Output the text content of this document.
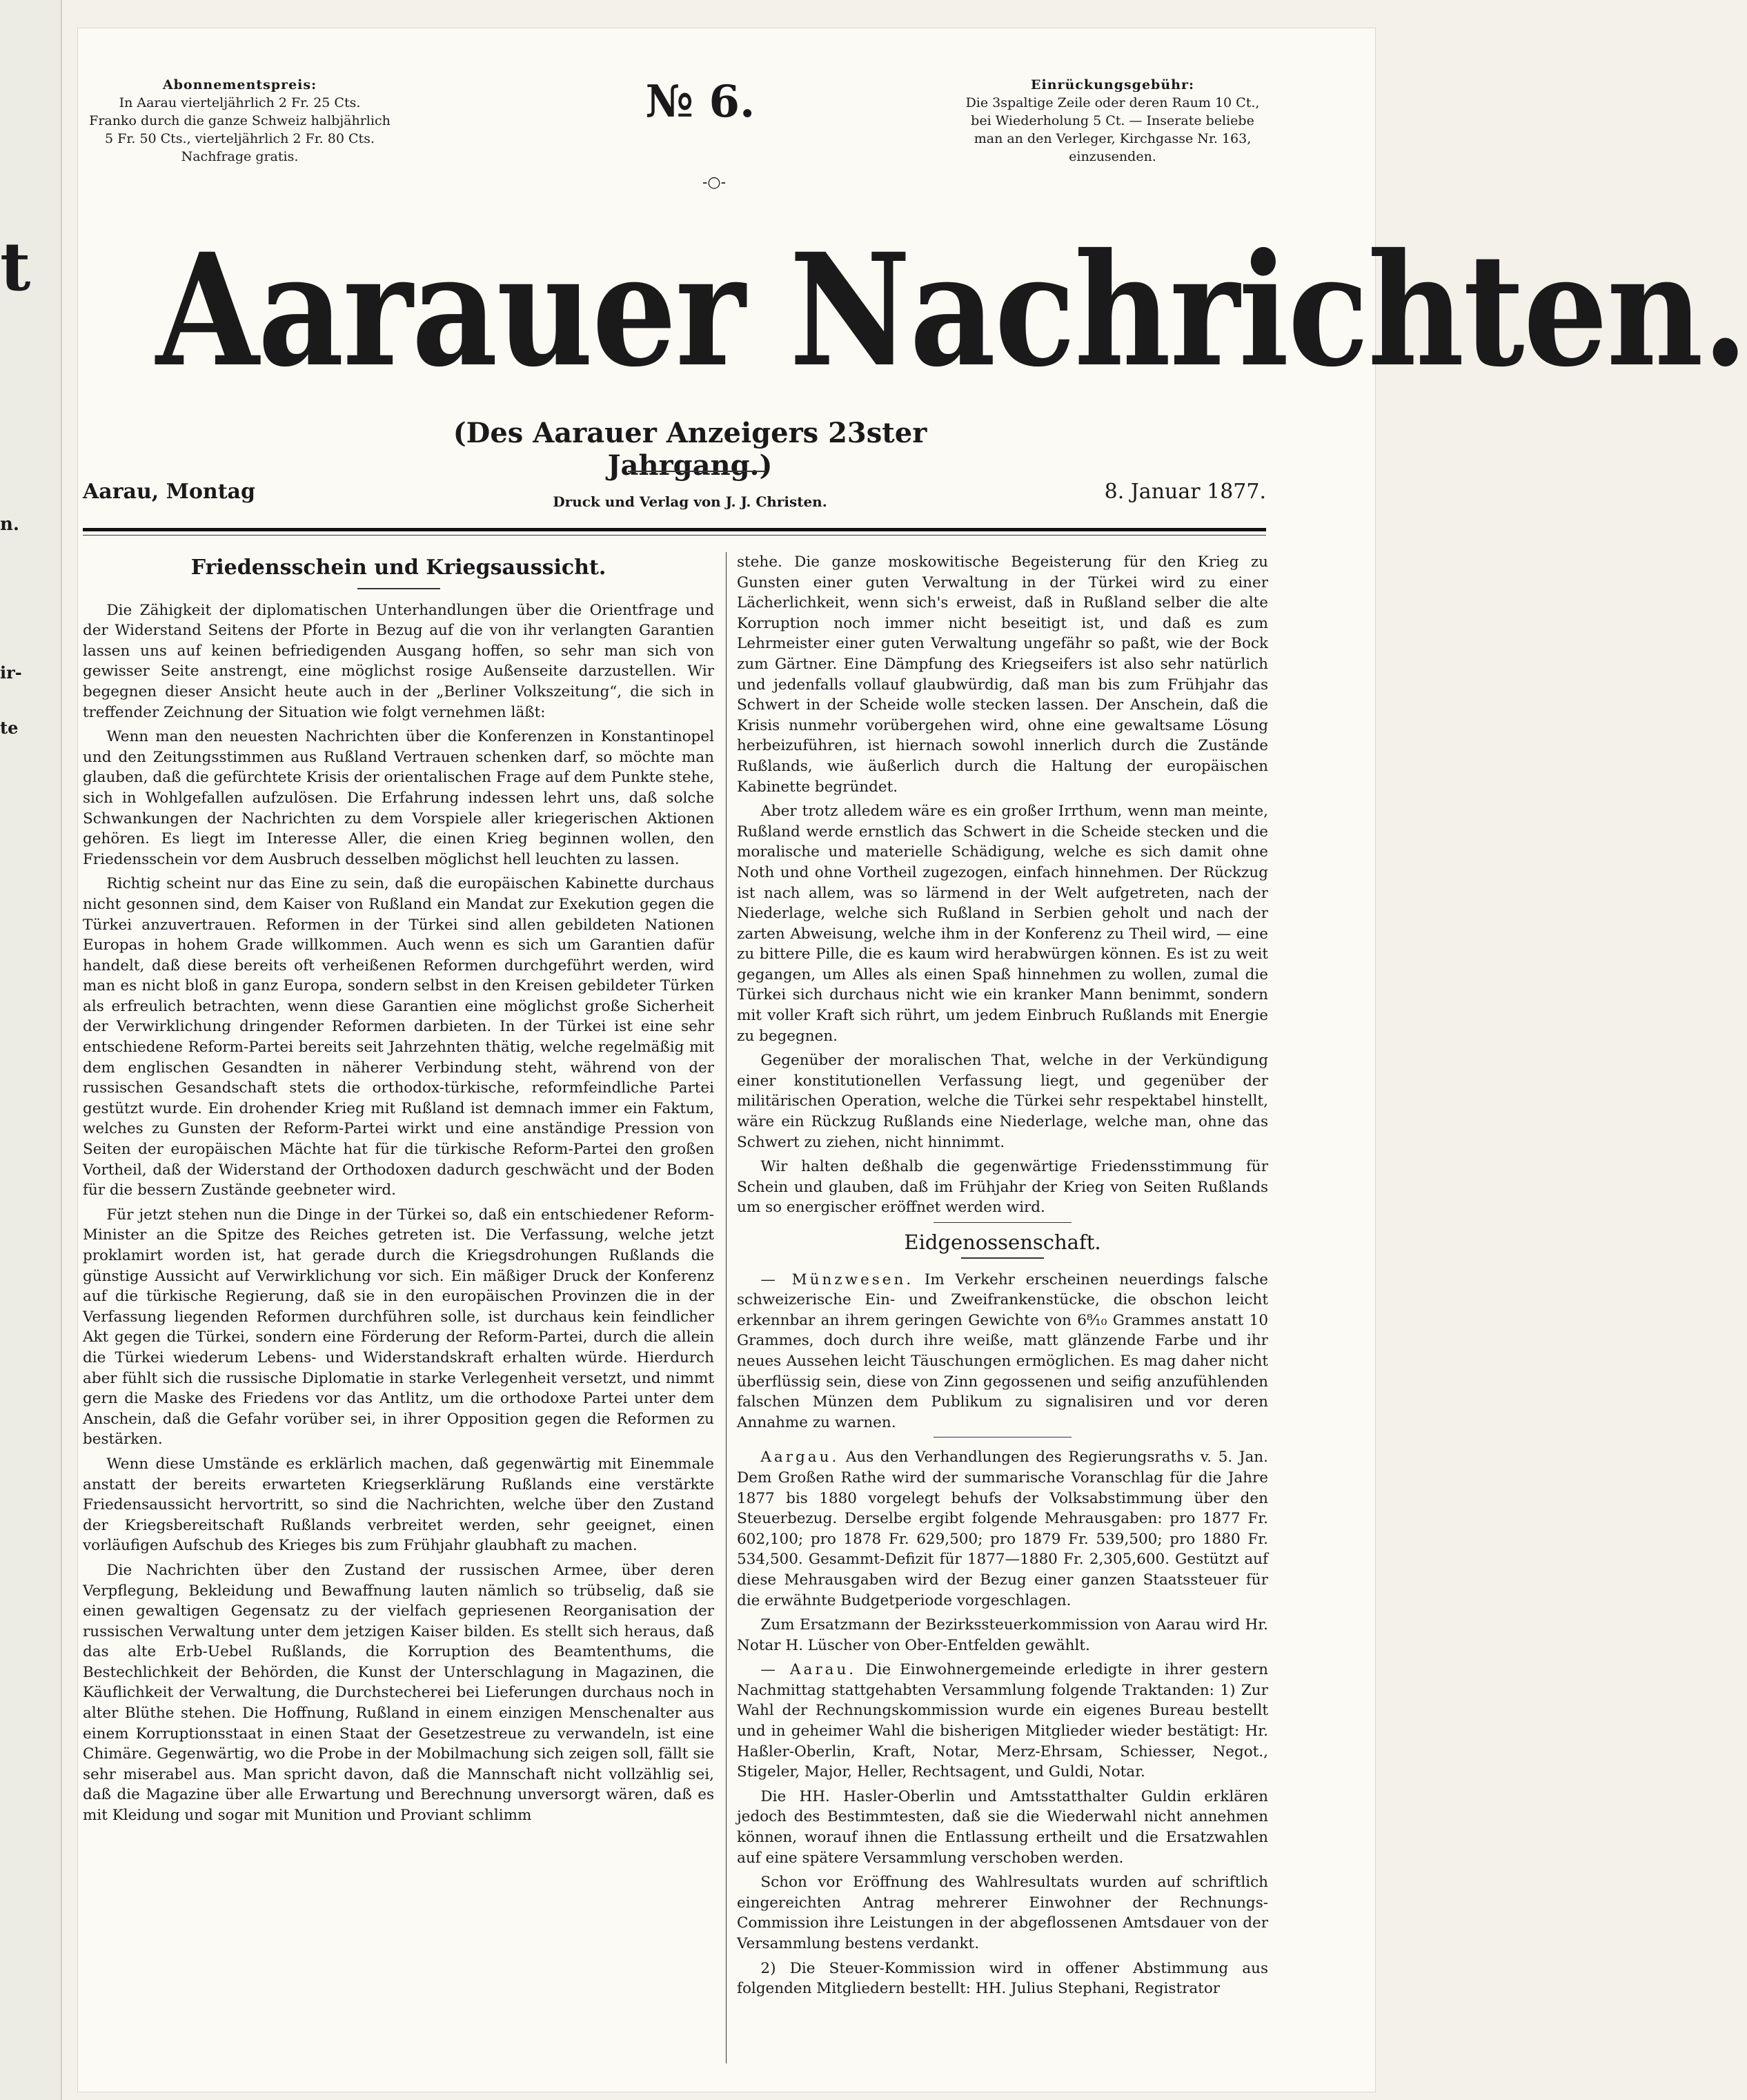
t
n.
ir-
te
Abonnementspreis:
In Aarau vierteljährlich 2 Fr. 25 Cts.
Franko durch die ganze Schweiz halbjährlich
5 Fr. 50 Cts., vierteljährlich 2 Fr. 80 Cts.
Nachfrage gratis.
№ 6.
-○-
Einrückungsgebühr:
Die 3spaltige Zeile oder deren Raum 10 Ct.,
bei Wiederholung 5 Ct. — Inserate beliebe
man an den Verleger, Kirchgasse Nr. 163,
einzusenden.
Aarauer Nachrichten.
(Des Aarauer Anzeigers 23ster Jahrgang.)
Aarau, Montag	Druck und Verlag von J. J. Christen.	8. Januar 1877.
Friedensschein und Kriegsaussicht.

Die Zähigkeit der diplomatischen Unterhandlungen über die Orientfrage und der Widerstand Seitens der Pforte in Bezug auf die von ihr verlangten Garantien lassen uns auf keinen befriedigenden Ausgang hoffen, so sehr man sich von gewisser Seite anstrengt, eine möglichst rosige Außenseite darzustellen. Wir begegnen dieser Ansicht heute auch in der „Berliner Volkszeitung“, die sich in treffender Zeichnung der Situation wie folgt vernehmen läßt:

Wenn man den neuesten Nachrichten über die Konferenzen in Konstantinopel und den Zeitungsstimmen aus Rußland Vertrauen schenken darf, so möchte man glauben, daß die gefürchtete Krisis der orientalischen Frage auf dem Punkte stehe, sich in Wohlgefallen aufzulösen. Die Erfahrung indessen lehrt uns, daß solche Schwankungen der Nachrichten zu dem Vorspiele aller kriegerischen Aktionen gehören. Es liegt im Interesse Aller, die einen Krieg beginnen wollen, den Friedensschein vor dem Ausbruch desselben möglichst hell leuchten zu lassen.

Richtig scheint nur das Eine zu sein, daß die europäischen Kabinette durchaus nicht gesonnen sind, dem Kaiser von Rußland ein Mandat zur Exekution gegen die Türkei anzuvertrauen. Reformen in der Türkei sind allen gebildeten Nationen Europas in hohem Grade willkommen. Auch wenn es sich um Garantien dafür handelt, daß diese bereits oft verheißenen Reformen durchgeführt werden, wird man es nicht bloß in ganz Europa, sondern selbst in den Kreisen gebildeter Türken als erfreulich betrachten, wenn diese Garantien eine möglichst große Sicherheit der Verwirklichung dringender Reformen darbieten. In der Türkei ist eine sehr entschiedene Reform-Partei bereits seit Jahrzehnten thätig, welche regelmäßig mit dem englischen Gesandten in näherer Verbindung steht, während von der russischen Gesandschaft stets die orthodox-türkische, reformfeindliche Partei gestützt wurde. Ein drohender Krieg mit Rußland ist demnach immer ein Faktum, welches zu Gunsten der Reform-Partei wirkt und eine anständige Pression von Seiten der europäischen Mächte hat für die türkische Reform-Partei den großen Vortheil, daß der Widerstand der Orthodoxen dadurch geschwächt und der Boden für die bessern Zustände geebneter wird.

Für jetzt stehen nun die Dinge in der Türkei so, daß ein entschiedener Reform-Minister an die Spitze des Reiches getreten ist. Die Verfassung, welche jetzt proklamirt worden ist, hat gerade durch die Kriegsdrohungen Rußlands die günstige Aussicht auf Verwirklichung vor sich. Ein mäßiger Druck der Konferenz auf die türkische Regierung, daß sie in den europäischen Provinzen die in der Verfassung liegenden Reformen durchführen solle, ist durchaus kein feindlicher Akt gegen die Türkei, sondern eine Förderung der Reform-Partei, durch die allein die Türkei wiederum Lebens- und Widerstandskraft erhalten würde. Hierdurch aber fühlt sich die russische Diplomatie in starke Verlegenheit versetzt, und nimmt gern die Maske des Friedens vor das Antlitz, um die orthodoxe Partei unter dem Anschein, daß die Gefahr vorüber sei, in ihrer Opposition gegen die Reformen zu bestärken.

Wenn diese Umstände es erklärlich machen, daß gegenwärtig mit Einemmale anstatt der bereits erwarteten Kriegserklärung Rußlands eine verstärkte Friedensaussicht hervortritt, so sind die Nachrichten, welche über den Zustand der Kriegsbereitschaft Rußlands verbreitet werden, sehr geeignet, einen vorläufigen Aufschub des Krieges bis zum Frühjahr glaubhaft zu machen.

Die Nachrichten über den Zustand der russischen Armee, über deren Verpflegung, Bekleidung und Bewaffnung lauten nämlich so trübselig, daß sie einen gewaltigen Gegensatz zu der vielfach gepriesenen Reorganisation der russischen Verwaltung unter dem jetzigen Kaiser bilden. Es stellt sich heraus, daß das alte Erb-Uebel Rußlands, die Korruption des Beamtenthums, die Bestechlichkeit der Behörden, die Kunst der Unterschlagung in Magazinen, die Käuflichkeit der Verwaltung, die Durchstecherei bei Lieferungen durchaus noch in alter Blüthe stehen. Die Hoffnung, Rußland in einem einzigen Menschenalter aus einem Korruptionsstaat in einen Staat der Gesetzestreue zu verwandeln, ist eine Chimäre. Gegenwärtig, wo die Probe in der Mobilmachung sich zeigen soll, fällt sie sehr miserabel aus. Man spricht davon, daß die Mannschaft nicht vollzählig sei, daß die Magazine über alle Erwartung und Berechnung unversorgt wären, daß es mit Kleidung und sogar mit Munition und Proviant schlimm

stehe. Die ganze moskowitische Begeisterung für den Krieg zu Gunsten einer guten Verwaltung in der Türkei wird zu einer Lächerlichkeit, wenn sich's erweist, daß in Rußland selber die alte Korruption noch immer nicht beseitigt ist, und daß es zum Lehrmeister einer guten Verwaltung ungefähr so paßt, wie der Bock zum Gärtner. Eine Dämpfung des Kriegseifers ist also sehr natürlich und jedenfalls vollauf glaubwürdig, daß man bis zum Frühjahr das Schwert in der Scheide wolle stecken lassen. Der Anschein, daß die Krisis nunmehr vorübergehen wird, ohne eine gewaltsame Lösung herbeizuführen, ist hiernach sowohl innerlich durch die Zustände Rußlands, wie äußerlich durch die Haltung der europäischen Kabinette begründet.

Aber trotz alledem wäre es ein großer Irrthum, wenn man meinte, Rußland werde ernstlich das Schwert in die Scheide stecken und die moralische und materielle Schädigung, welche es sich damit ohne Noth und ohne Vortheil zugezogen, einfach hinnehmen. Der Rückzug ist nach allem, was so lärmend in der Welt aufgetreten, nach der Niederlage, welche sich Rußland in Serbien geholt und nach der zarten Abweisung, welche ihm in der Konferenz zu Theil wird, — eine zu bittere Pille, die es kaum wird herabwürgen können. Es ist zu weit gegangen, um Alles als einen Spaß hinnehmen zu wollen, zumal die Türkei sich durchaus nicht wie ein kranker Mann benimmt, sondern mit voller Kraft sich rührt, um jedem Einbruch Rußlands mit Energie zu begegnen.

Gegenüber der moralischen That, welche in der Verkündigung einer konstitutionellen Verfassung liegt, und gegenüber der militärischen Operation, welche die Türkei sehr respektabel hinstellt, wäre ein Rückzug Rußlands eine Niederlage, welche man, ohne das Schwert zu ziehen, nicht hinnimmt.

Wir halten deßhalb die gegenwärtige Friedensstimmung für Schein und glauben, daß im Frühjahr der Krieg von Seiten Rußlands um so energischer eröffnet werden wird.

Eidgenossenschaft.

— Münzwesen. Im Verkehr erscheinen neuerdings falsche schweizerische Ein- und Zweifrankenstücke, die obschon leicht erkennbar an ihrem geringen Gewichte von 6⁸⁄₁₀ Grammes anstatt 10 Grammes, doch durch ihre weiße, matt glänzende Farbe und ihr neues Aussehen leicht Täuschungen ermöglichen. Es mag daher nicht überflüssig sein, diese von Zinn gegossenen und seifig anzufühlenden falschen Münzen dem Publikum zu signalisiren und vor deren Annahme zu warnen.

Aargau. Aus den Verhandlungen des Regierungsraths v. 5. Jan. Dem Großen Rathe wird der summarische Voranschlag für die Jahre 1877 bis 1880 vorgelegt behufs der Volksabstimmung über den Steuerbezug. Derselbe ergibt folgende Mehrausgaben: pro 1877 Fr. 602,100; pro 1878 Fr. 629,500; pro 1879 Fr. 539,500; pro 1880 Fr. 534,500. Gesammt-Defizit für 1877—1880 Fr. 2,305,600. Gestützt auf diese Mehrausgaben wird der Bezug einer ganzen Staatssteuer für die erwähnte Budgetperiode vorgeschlagen.

Zum Ersatzmann der Bezirkssteuerkommission von Aarau wird Hr. Notar H. Lüscher von Ober-Entfelden gewählt.

— Aarau. Die Einwohnergemeinde erledigte in ihrer gestern Nachmittag stattgehabten Versammlung folgende Traktanden: 1) Zur Wahl der Rechnungskommission wurde ein eigenes Bureau bestellt und in geheimer Wahl die bisherigen Mitglieder wieder bestätigt: Hr. Haßler-Oberlin, Kraft, Notar, Merz-Ehrsam, Schiesser, Negot., Stigeler, Major, Heller, Rechtsagent, und Guldi, Notar.

Die HH. Hasler-Oberlin und Amtsstatthalter Guldin erklären jedoch des Bestimmtesten, daß sie die Wiederwahl nicht annehmen können, worauf ihnen die Entlassung ertheilt und die Ersatzwahlen auf eine spätere Versammlung verschoben werden.

Schon vor Eröffnung des Wahlresultats wurden auf schriftlich eingereichten Antrag mehrerer Einwohner der Rechnungs-Commission ihre Leistungen in der abgeflossenen Amtsdauer von der Versammlung bestens verdankt.

2) Die Steuer-Kommission wird in offener Abstimmung aus folgenden Mitgliedern bestellt: HH. Julius Stephani, Registrator
